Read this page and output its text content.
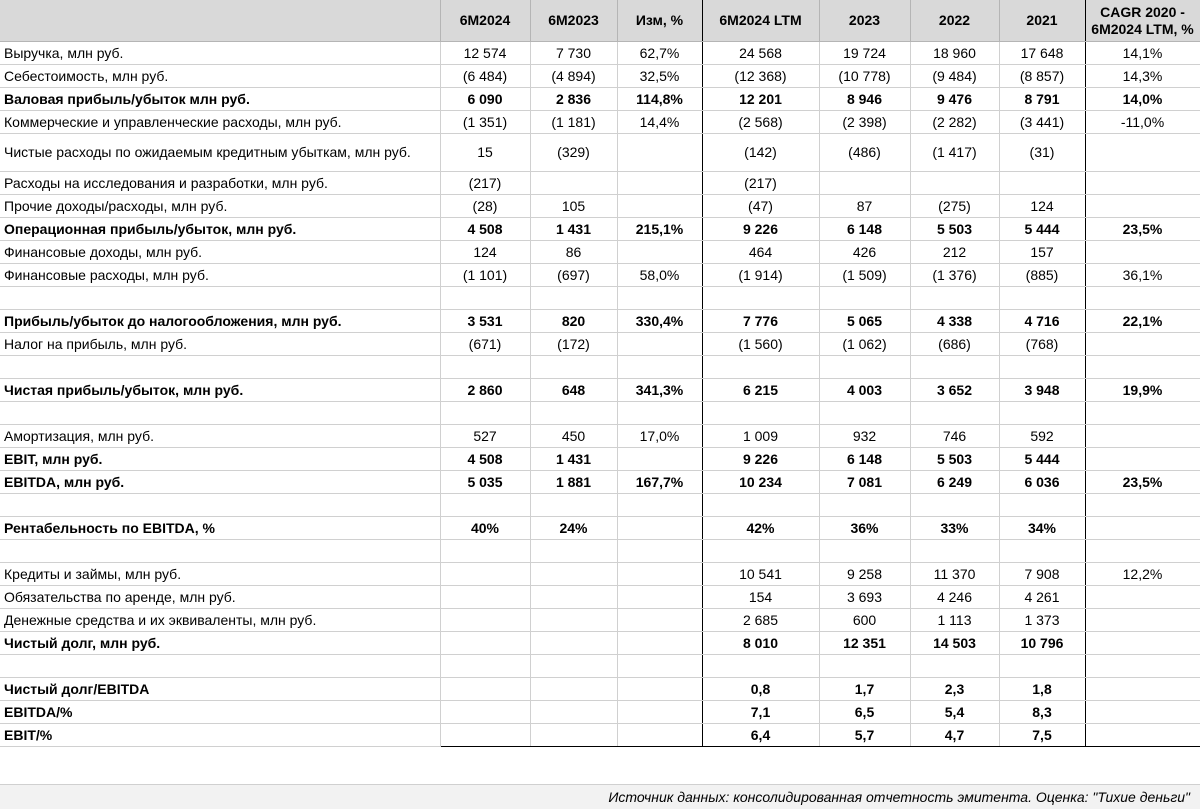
	6M2024	6M2023	Изм, %	6M2024 LTM	2023	2022	2021	CAGR 2020 - 6M2024 LTM, %
Выручка, млн руб.	12 574	7 730	62,7%	24 568	19 724	18 960	17 648	14,1%
Себестоимость, млн руб.	(6 484)	(4 894)	32,5%	(12 368)	(10 778)	(9 484)	(8 857)	14,3%
Валовая прибыль/убыток млн руб.	6 090	2 836	114,8%	12 201	8 946	9 476	8 791	14,0%
Коммерческие и управленческие расходы, млн руб.	(1 351)	(1 181)	14,4%	(2 568)	(2 398)	(2 282)	(3 441)	-11,0%
Чистые расходы по ожидаемым кредитным убыткам, млн руб.	15	(329)		(142)	(486)	(1 417)	(31)	
Расходы на исследования и разработки, млн руб.	(217)			(217)				
Прочие доходы/расходы, млн руб.	(28)	105		(47)	87	(275)	124	
Операционная прибыль/убыток, млн руб.	4 508	1 431	215,1%	9 226	6 148	5 503	5 444	23,5%
Финансовые доходы, млн руб.	124	86		464	426	212	157	
Финансовые расходы, млн руб.	(1 101)	(697)	58,0%	(1 914)	(1 509)	(1 376)	(885)	36,1%

Прибыль/убыток до налогообложения, млн руб.	3 531	820	330,4%	7 776	5 065	4 338	4 716	22,1%
Налог на прибыль, млн руб.	(671)	(172)		(1 560)	(1 062)	(686)	(768)	

Чистая прибыль/убыток, млн руб.	2 860	648	341,3%	6 215	4 003	3 652	3 948	19,9%

Амортизация, млн руб.	527	450	17,0%	1 009	932	746	592	
EBIT, млн руб.	4 508	1 431		9 226	6 148	5 503	5 444	
EBITDA, млн руб.	5 035	1 881	167,7%	10 234	7 081	6 249	6 036	23,5%

Рентабельность по EBITDA, %	40%	24%		42%	36%	33%	34%	

Кредиты и займы, млн руб.				10 541	9 258	11 370	7 908	12,2%
Обязательства по аренде, млн руб.				154	3 693	4 246	4 261	
Денежные средства и их эквиваленты, млн руб.				2 685	600	1 113	1 373	
Чистый долг, млн руб.				8 010	12 351	14 503	10 796	

Чистый долг/EBITDA				0,8	1,7	2,3	1,8	
EBITDA/%				7,1	6,5	5,4	8,3	
EBIT/%				6,4	5,7	4,7	7,5	
Источник данных: консолидированная отчетность эмитента. Оценка: "Тихие деньги"
